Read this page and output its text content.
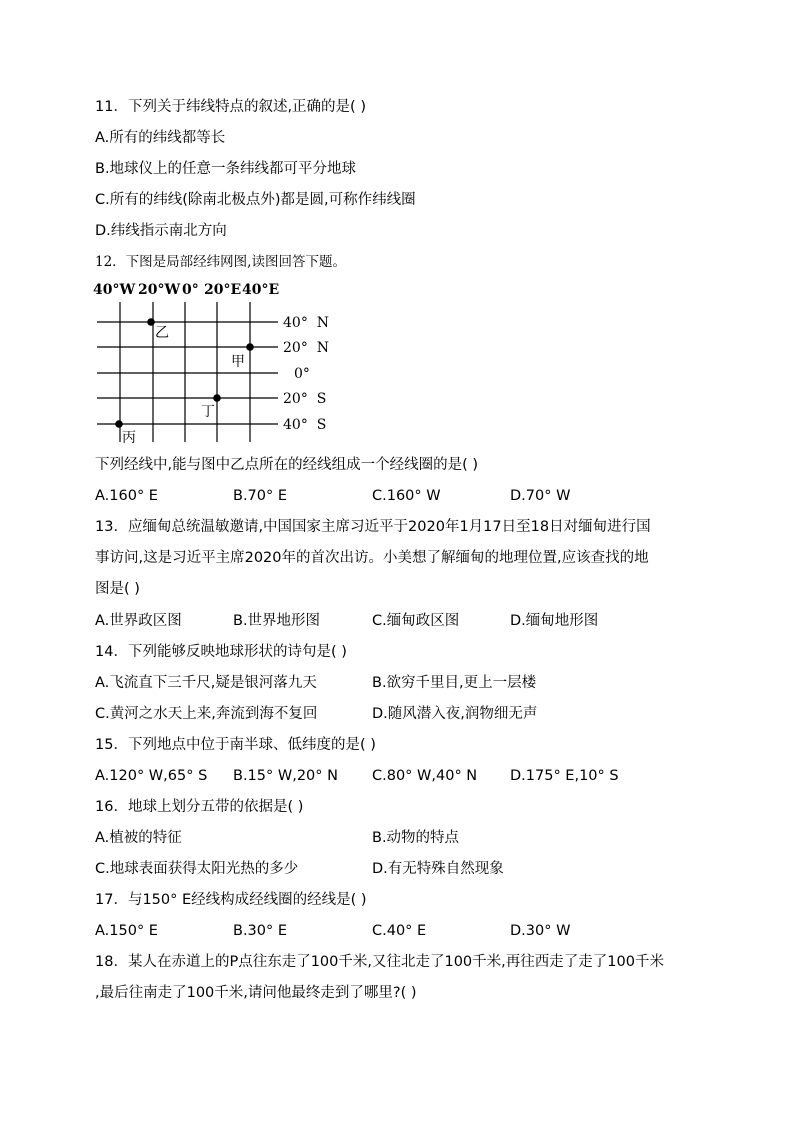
11．下列关于纬线特点的叙述,正确的是( )

A.所有的纬线都等长

B.地球仪上的任意一条纬线都可平分地球

C.所有的纬线(除南北极点外)都是圆,可称作纬线圈

D.纬线指示南北方向

12．下图是局部经纬网图,读图回答下题。

40°W 20°W 0° 20°E 40°E
40°  N
20°  N
0°
20°  S
40°  S
乙
甲
丁
丙

下列经线中,能与图中乙点所在的经线组成一个经线圈的是( )

A.160° E	B.70° E	C.160° W	D.70° W

13．应缅甸总统温敏邀请,中国国家主席习近平于2020年1月17日至18日对缅甸进行国

事访问,这是习近平主席2020年的首次出访。小美想了解缅甸的地理位置,应该查找的地

图是( )

A.世界政区图	B.世界地形图	C.缅甸政区图	D.缅甸地形图

14．下列能够反映地球形状的诗句是( )

A.飞流直下三千尺,疑是银河落九天	B.欲穷千里目,更上一层楼
C.黄河之水天上来,奔流到海不复回	D.随风潜入夜,润物细无声

15．下列地点中位于南半球、低纬度的是( )

A.120° W,65° S B.15° W,20° N C.80° W,40° N D.175° E,10° S

16．地球上划分五带的依据是( )

A.植被的特征	B.动物的特点
C.地球表面获得太阳光热的多少	D.有无特殊自然现象

17．与150° E经线构成经线圈的经线是( )

A.150° E	B.30° E	C.40° E	D.30° W

18．某人在赤道上的P点往东走了100千米,又往北走了100千米,再往西走了走了100千米

,最后往南走了100千米,请问他最终走到了哪里?( )
